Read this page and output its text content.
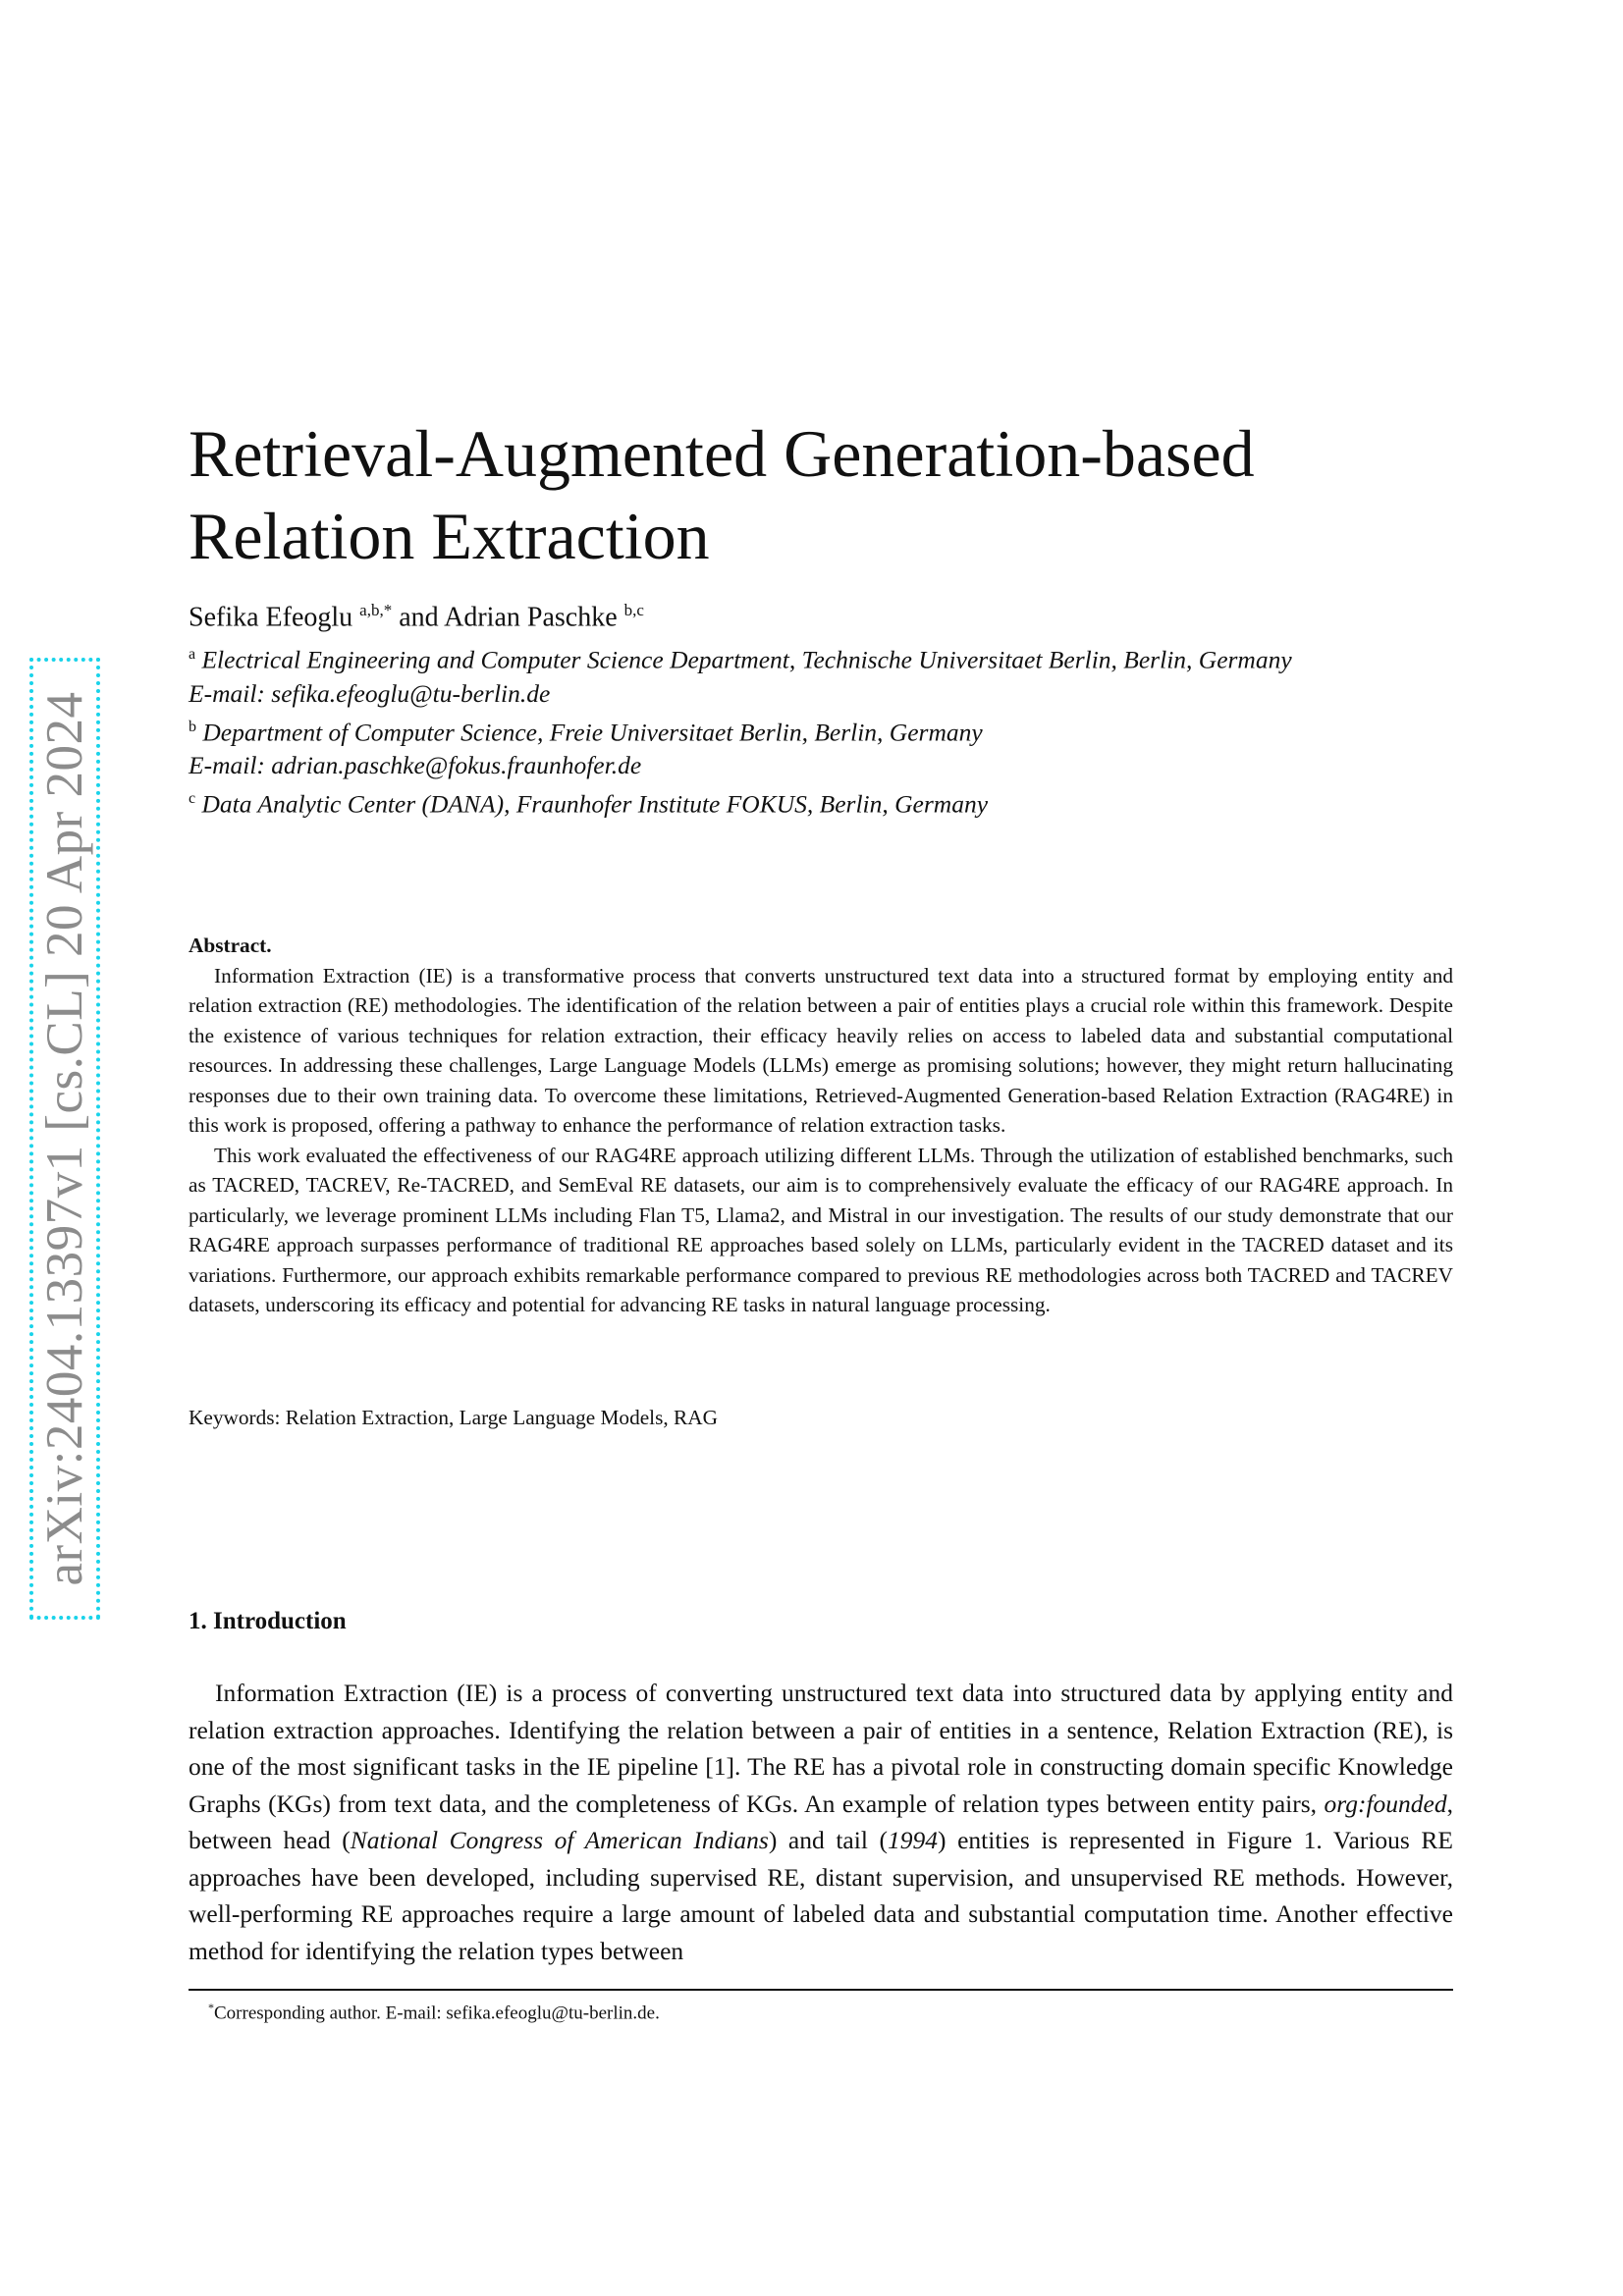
arXiv:2404.13397v1 [cs.CL] 20 Apr 2024
Retrieval-Augmented Generation-based
Relation Extraction
Sefika Efeoglu $^{a,b,*}$ and Adrian Paschke $^{b,c}$
$^a$ Electrical Engineering and Computer Science Department, Technische Universitaet Berlin, Berlin, Germany
E-mail: sefika.efeoglu@tu-berlin.de
$^b$ Department of Computer Science, Freie Universitaet Berlin, Berlin, Germany
E-mail: adrian.paschke@fokus.fraunhofer.de
$^c$ Data Analytic Center (DANA), Fraunhofer Institute FOKUS, Berlin, Germany
Abstract.

Information Extraction (IE) is a transformative process that converts unstructured text data into a structured format by employing entity and relation extraction (RE) methodologies. The identification of the relation between a pair of entities plays a crucial role within this framework. Despite the existence of various techniques for relation extraction, their efficacy heavily relies on access to labeled data and substantial computational resources. In addressing these challenges, Large Language Models (LLMs) emerge as promising solutions; however, they might return hallucinating responses due to their own training data. To overcome these limitations, Retrieved-Augmented Generation-based Relation Extraction (RAG4RE) in this work is proposed, offering a pathway to enhance the performance of relation extraction tasks.

This work evaluated the effectiveness of our RAG4RE approach utilizing different LLMs. Through the utilization of established benchmarks, such as TACRED, TACREV, Re-TACRED, and SemEval RE datasets, our aim is to comprehensively evaluate the efficacy of our RAG4RE approach. In particularly, we leverage prominent LLMs including Flan T5, Llama2, and Mistral in our investigation. The results of our study demonstrate that our RAG4RE approach surpasses performance of traditional RE approaches based solely on LLMs, particularly evident in the TACRED dataset and its variations. Furthermore, our approach exhibits remarkable performance compared to previous RE methodologies across both TACRED and TACREV datasets, underscoring its efficacy and potential for advancing RE tasks in natural language processing.

Keywords: Relation Extraction, Large Language Models, RAG
1. Introduction

Information Extraction (IE) is a process of converting unstructured text data into structured data by applying entity and relation extraction approaches. Identifying the relation between a pair of entities in a sentence, Relation Extraction (RE), is one of the most significant tasks in the IE pipeline [1]. The RE has a pivotal role in constructing domain specific Knowledge Graphs (KGs) from text data, and the completeness of KGs. An example of relation types between entity pairs, org:founded, between head (National Congress of American Indians) and tail (1994) entities is represented in Figure 1. Various RE approaches have been developed, including supervised RE, distant supervision, and unsupervised RE methods. However, well-performing RE approaches require a large amount of labeled data and substantial computation time. Another effective method for identifying the relation types between

*Corresponding author. E-mail: sefika.efeoglu@tu-berlin.de.
